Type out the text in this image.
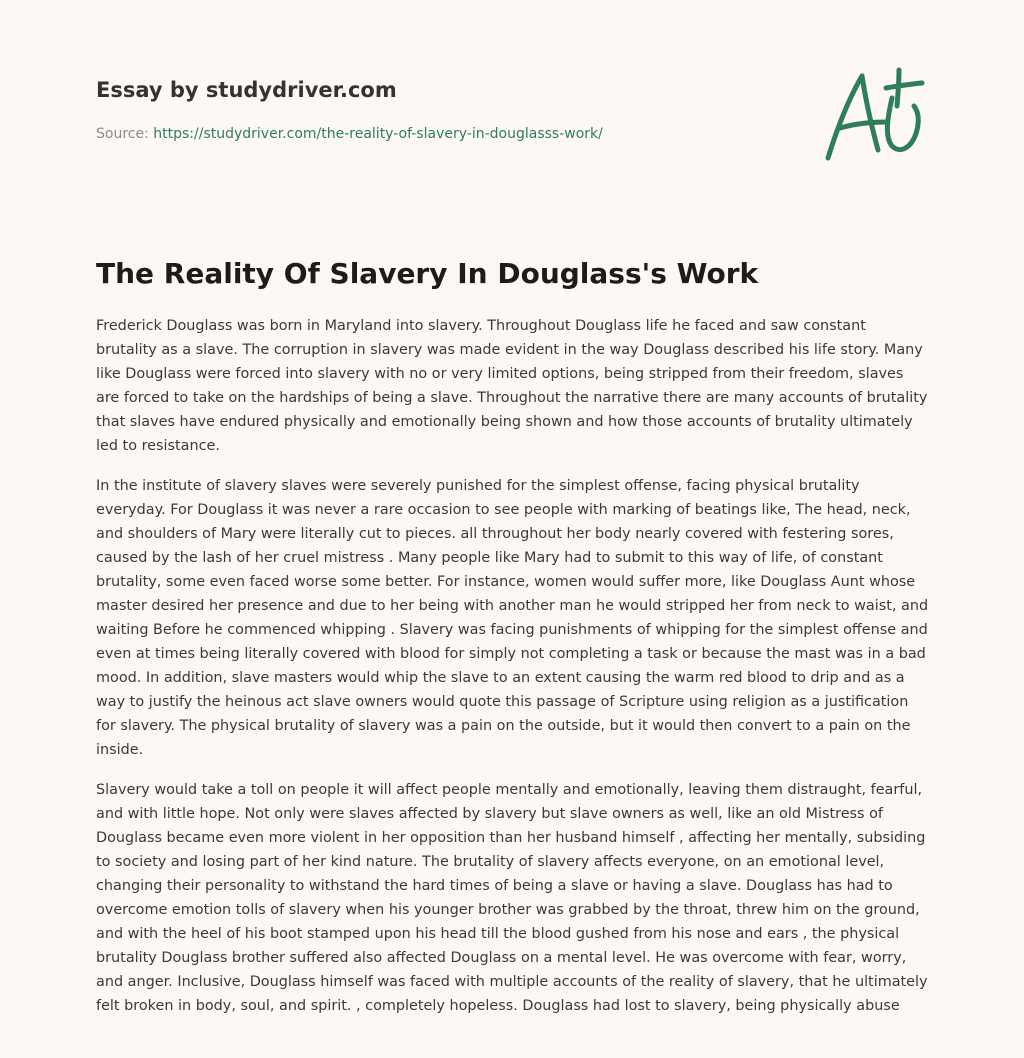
Essay by studydriver.com
Source: https://studydriver.com/the-reality-of-slavery-in-douglasss-work/
The Reality Of Slavery In Douglass's Work

Frederick Douglass was born in Maryland into slavery. Throughout Douglass life he faced and saw constant brutality as a slave. The corruption in slavery was made evident in the way Douglass described his life story. Many like Douglass were forced into slavery with no or very limited options, being stripped from their freedom, slaves are forced to take on the hardships of being a slave. Throughout the narrative there are many accounts of brutality that slaves have endured physically and emotionally being shown and how those accounts of brutality ultimately led to resistance.

In the institute of slavery slaves were severely punished for the simplest offense, facing physical brutality everyday. For Douglass it was never a rare occasion to see people with marking of beatings like, The head, neck, and shoulders of Mary were literally cut to pieces. all throughout her body nearly covered with festering sores, caused by the lash of her cruel mistress . Many people like Mary had to submit to this way of life, of constant brutality, some even faced worse some better. For instance, women would suffer more, like Douglass Aunt whose master desired her presence and due to her being with another man he would stripped her from neck to waist, and waiting Before he commenced whipping . Slavery was facing punishments of whipping for the simplest offense and even at times being literally covered with blood for simply not completing a task or because the mast was in a bad mood. In addition, slave masters would whip the slave to an extent causing the warm red blood to drip and as a way to justify the heinous act slave owners would quote this passage of Scripture using religion as a justification for slavery. The physical brutality of slavery was a pain on the outside, but it would then convert to a pain on the inside.

Slavery would take a toll on people it will affect people mentally and emotionally, leaving them distraught, fearful, and with little hope. Not only were slaves affected by slavery but slave owners as well, like an old Mistress of Douglass became even more violent in her opposition than her husband himself , affecting her mentally, subsiding to society and losing part of her kind nature. The brutality of slavery affects everyone, on an emotional level, changing their personality to withstand the hard times of being a slave or having a slave. Douglass has had to overcome emotion tolls of slavery when his younger brother was grabbed by the throat, threw him on the ground, and with the heel of his boot stamped upon his head till the blood gushed from his nose and ears , the physical brutality Douglass brother suffered also affected Douglass on a mental level. He was overcome with fear, worry, and anger. Inclusive, Douglass himself was faced with multiple accounts of the reality of slavery, that he ultimately felt broken in body, soul, and spirit. , completely hopeless. Douglass had lost to slavery, being physically abuse
